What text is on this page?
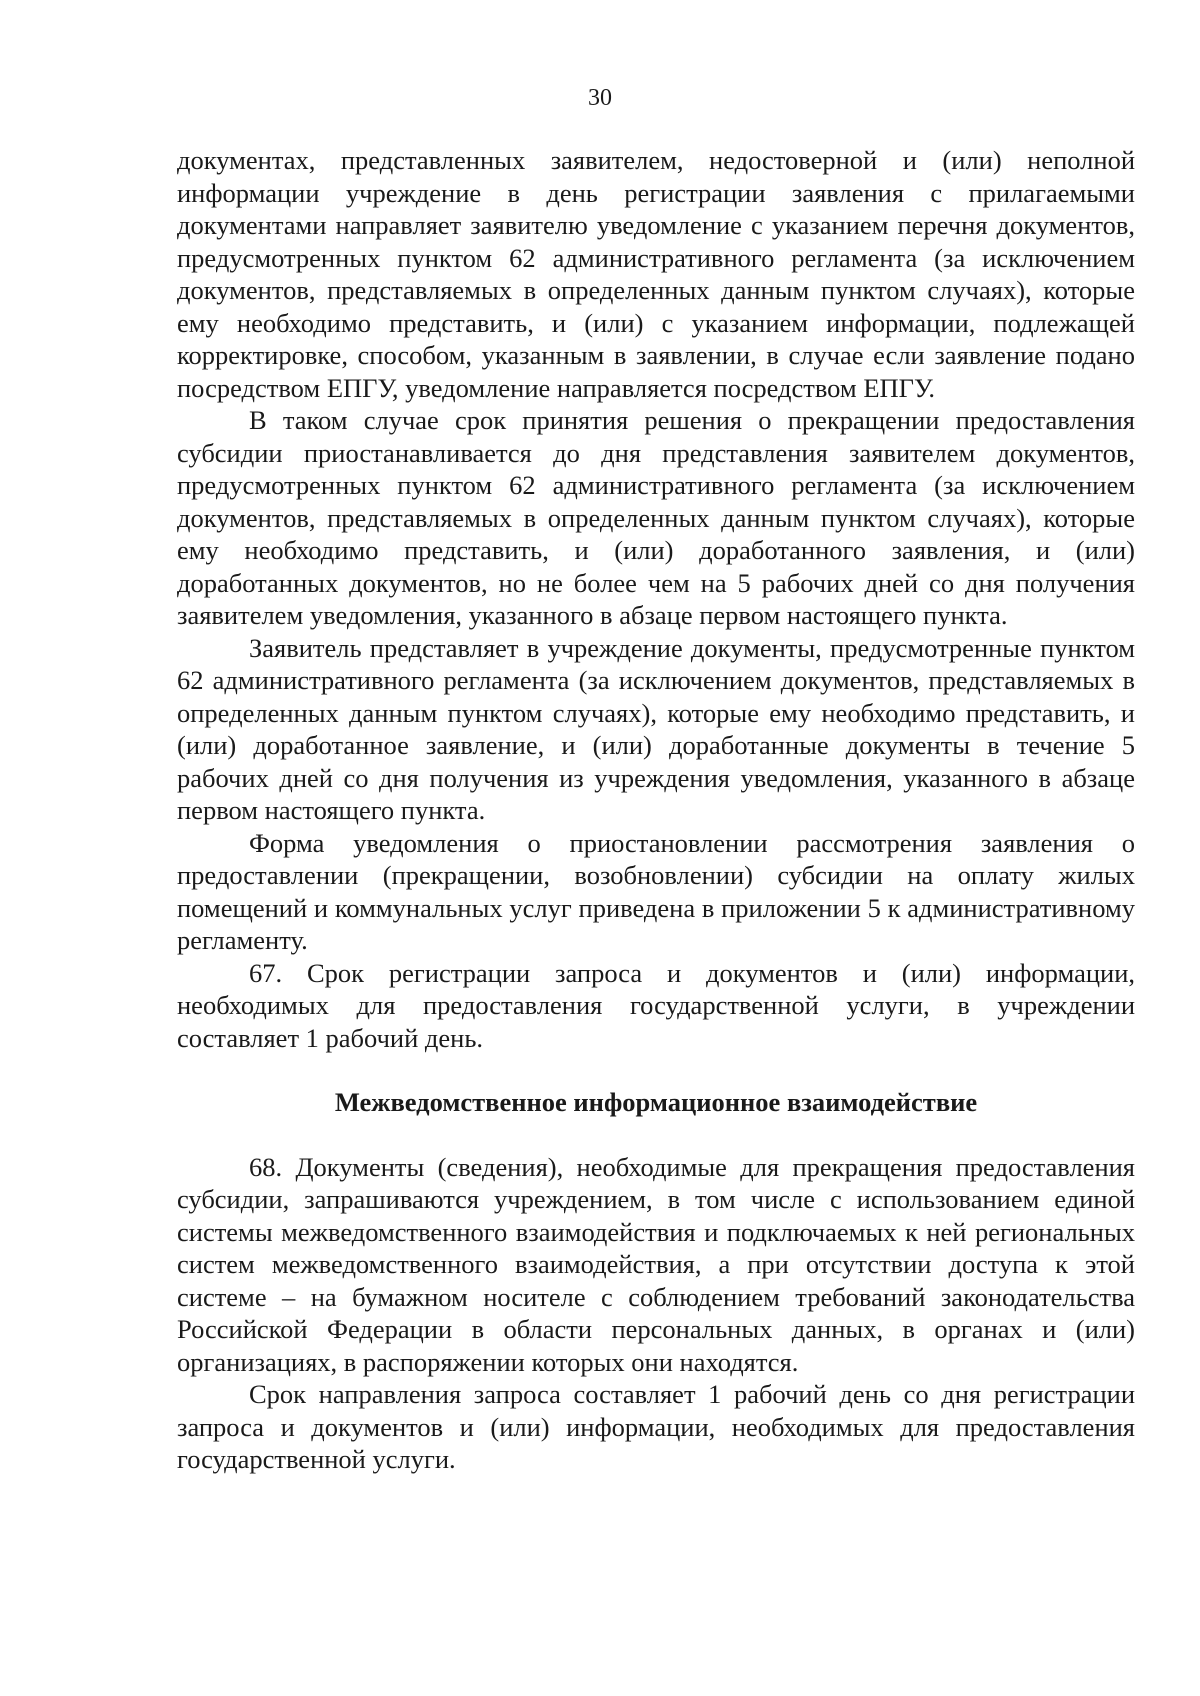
30

документах, представленных заявителем, недостоверной и (или) неполной информации учреждение в день регистрации заявления с прилагаемыми документами направляет заявителю уведомление с указанием перечня документов, предусмотренных пунктом 62 административного регламента (за исключением документов, представляемых в определенных данным пунктом случаях), которые ему необходимо представить, и (или) с указанием информации, подлежащей корректировке, способом, указанным в заявлении, в случае если заявление подано посредством ЕПГУ, уведомление направляется посредством ЕПГУ.

В таком случае срок принятия решения о прекращении предоставления субсидии приостанавливается до дня представления заявителем документов, предусмотренных пунктом 62 административного регламента (за исключением документов, представляемых в определенных данным пунктом случаях), которые ему необходимо представить, и (или) доработанного заявления, и (или) доработанных документов, но не более чем на 5 рабочих дней со дня получения заявителем уведомления, указанного в абзаце первом настоящего пункта.

Заявитель представляет в учреждение документы, предусмотренные пунктом 62 административного регламента (за исключением документов, представляемых в определенных данным пунктом случаях), которые ему необходимо представить, и (или) доработанное заявление, и (или) доработанные документы в течение 5 рабочих дней со дня получения из учреждения уведомления, указанного в абзаце первом настоящего пункта.

Форма уведомления о приостановлении рассмотрения заявления о предоставлении (прекращении, возобновлении) субсидии на оплату жилых помещений и коммунальных услуг приведена в приложении 5 к административному регламенту.

67. Срок регистрации запроса и документов и (или) информации, необходимых для предоставления государственной услуги, в учреждении составляет 1 рабочий день.

Межведомственное информационное взаимодействие

68. Документы (сведения), необходимые для прекращения предоставления субсидии, запрашиваются учреждением, в том числе с использованием единой системы межведомственного взаимодействия и подключаемых к ней региональных систем межведомственного взаимодействия, а при отсутствии доступа к этой системе – на бумажном носителе с соблюдением требований законодательства Российской Федерации в области персональных данных, в органах и (или) организациях, в распоряжении которых они находятся.

Срок направления запроса составляет 1 рабочий день со дня регистрации запроса и документов и (или) информации, необходимых для предоставления государственной услуги.
